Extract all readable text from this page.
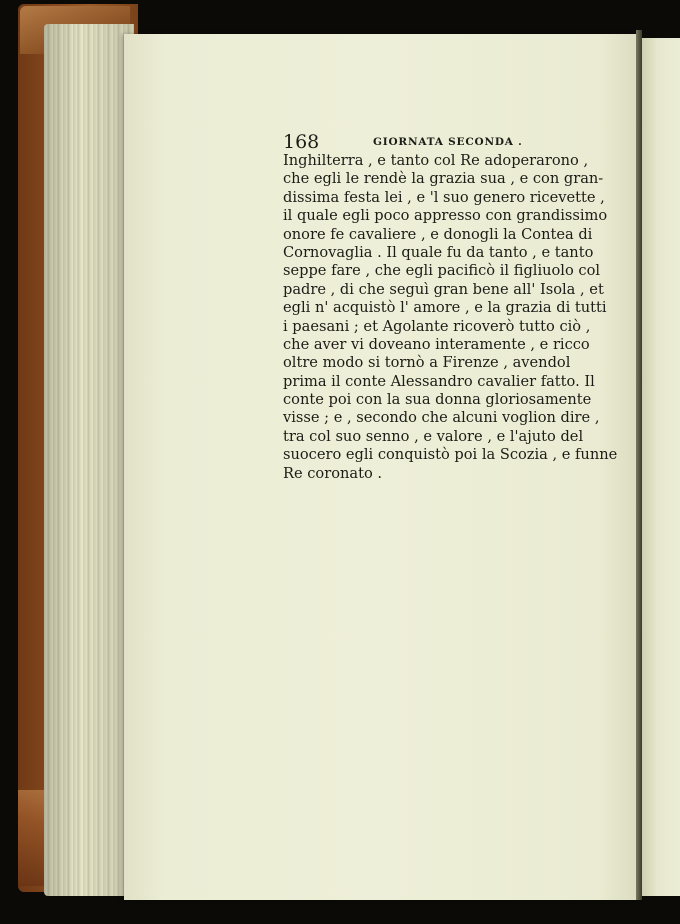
168	GIORNATA SECONDA .
Inghilterra , e tanto col Re adoperarono ,
che egli le rendè la grazia sua , e con gran-
dissima festa lei , e 'l suo genero ricevette ,
il quale egli poco appresso con grandissimo
onore fe cavaliere , e donogli la Contea di
Cornovaglia . Il quale fu da tanto , e tanto
seppe fare , che egli pacificò il figliuolo col
padre , di che seguì gran bene all' Isola , et
egli n' acquistò l' amore , e la grazia di tutti
i paesani ; et Agolante ricoverò tutto ciò ,
che aver vi doveano interamente , e ricco
oltre modo si tornò a Firenze , avendol
prima il conte Alessandro cavalier fatto. Il
conte poi con la sua donna gloriosamente
visse ; e , secondo che alcuni voglion dire ,
tra col suo senno , e valore , e l'ajuto del
suocero egli conquistò poi la Scozia , e funne
Re coronato .
